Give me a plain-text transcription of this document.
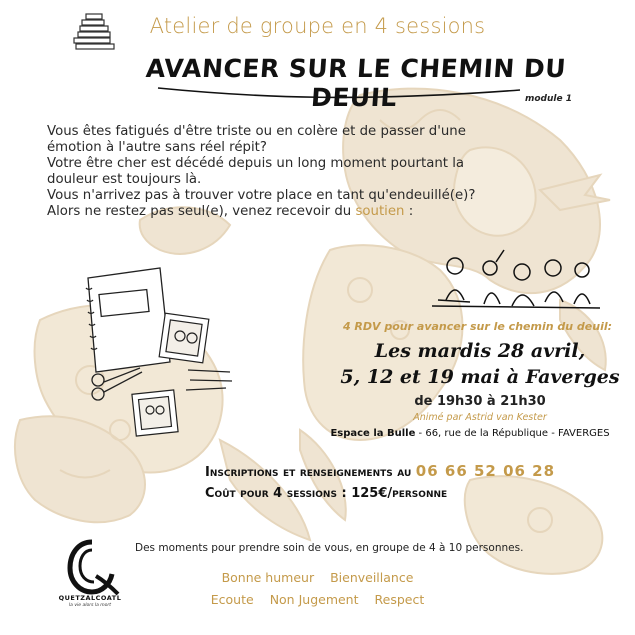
Atelier de groupe en 4 sessions
AVANCER SUR LE CHEMIN DU DEUIL	module 1

Vous êtes fatigués d'être triste ou en colère et de passer d'une émotion à l'autre sans réel répit?

Votre être cher est décédé depuis un long moment pourtant la douleur est toujours là.

Vous n'arrivez pas à trouver votre place en tant qu'endeuillé(e)?

Alors ne restez pas seul(e), venez recevoir du soutien :

4 RDV pour avancer sur le chemin du deuil:
Les mardis 28 avril,
5, 12 et 19 mai à Faverges
de 19h30 à 21h30
Animé par Astrid van Kester
Espace la Bulle - 66, rue de la République - FAVERGES
Inscriptions et renseignements au 06 66 52 06 28
Coût pour 4 sessions : 125€/personne
QUETZALCOATL
la vie alors la mort
Des moments pour prendre soin de vous, en groupe de 4 à 10 personnes.
Bonne humeur Bienveillance
Ecoute Non Jugement Respect
